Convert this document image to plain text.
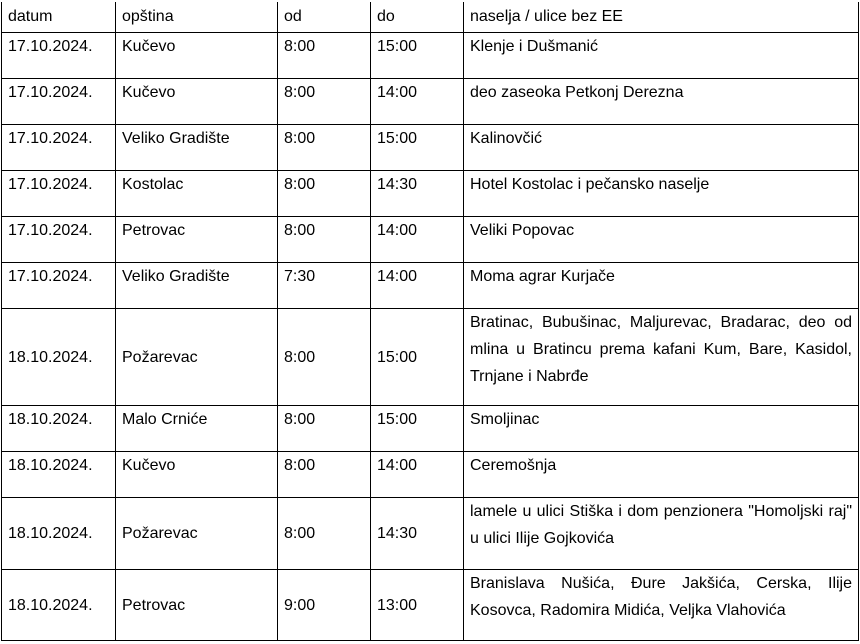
datum	opština	od	do	naselja / ulice bez EE
17.10.2024.	Kučevo	8:00	15:00	Klenje i Dušmanić
17.10.2024.	Kučevo	8:00	14:00	deo zaseoka Petkonj Derezna
17.10.2024.	Veliko Gradište	8:00	15:00	Kalinovčić
17.10.2024.	Kostolac	8:00	14:30	Hotel Kostolac i pečansko naselje
17.10.2024.	Petrovac	8:00	14:00	Veliki Popovac
17.10.2024.	Veliko Gradište	7:30	14:00	Moma agrar Kurjače
18.10.2024.	Požarevac	8:00	15:00	Bratinac, Bubušinac, Maljurevac, Bradarac, deo od mlina u Bratincu prema kafani Kum, Bare, Kasidol, Trnjane i Nabrđe
18.10.2024.	Malo Crniće	8:00	15:00	Smoljinac
18.10.2024.	Kučevo	8:00	14:00	Ceremošnja
18.10.2024.	Požarevac	8:00	14:30	lamele u ulici Stiška i dom penzionera "Homoljski raj" u ulici Ilije Gojkovića
18.10.2024.	Petrovac	9:00	13:00	Branislava Nušića, Đure Jakšića, Cerska, Ilije Kosovca, Radomira Midića, Veljka Vlahovića
